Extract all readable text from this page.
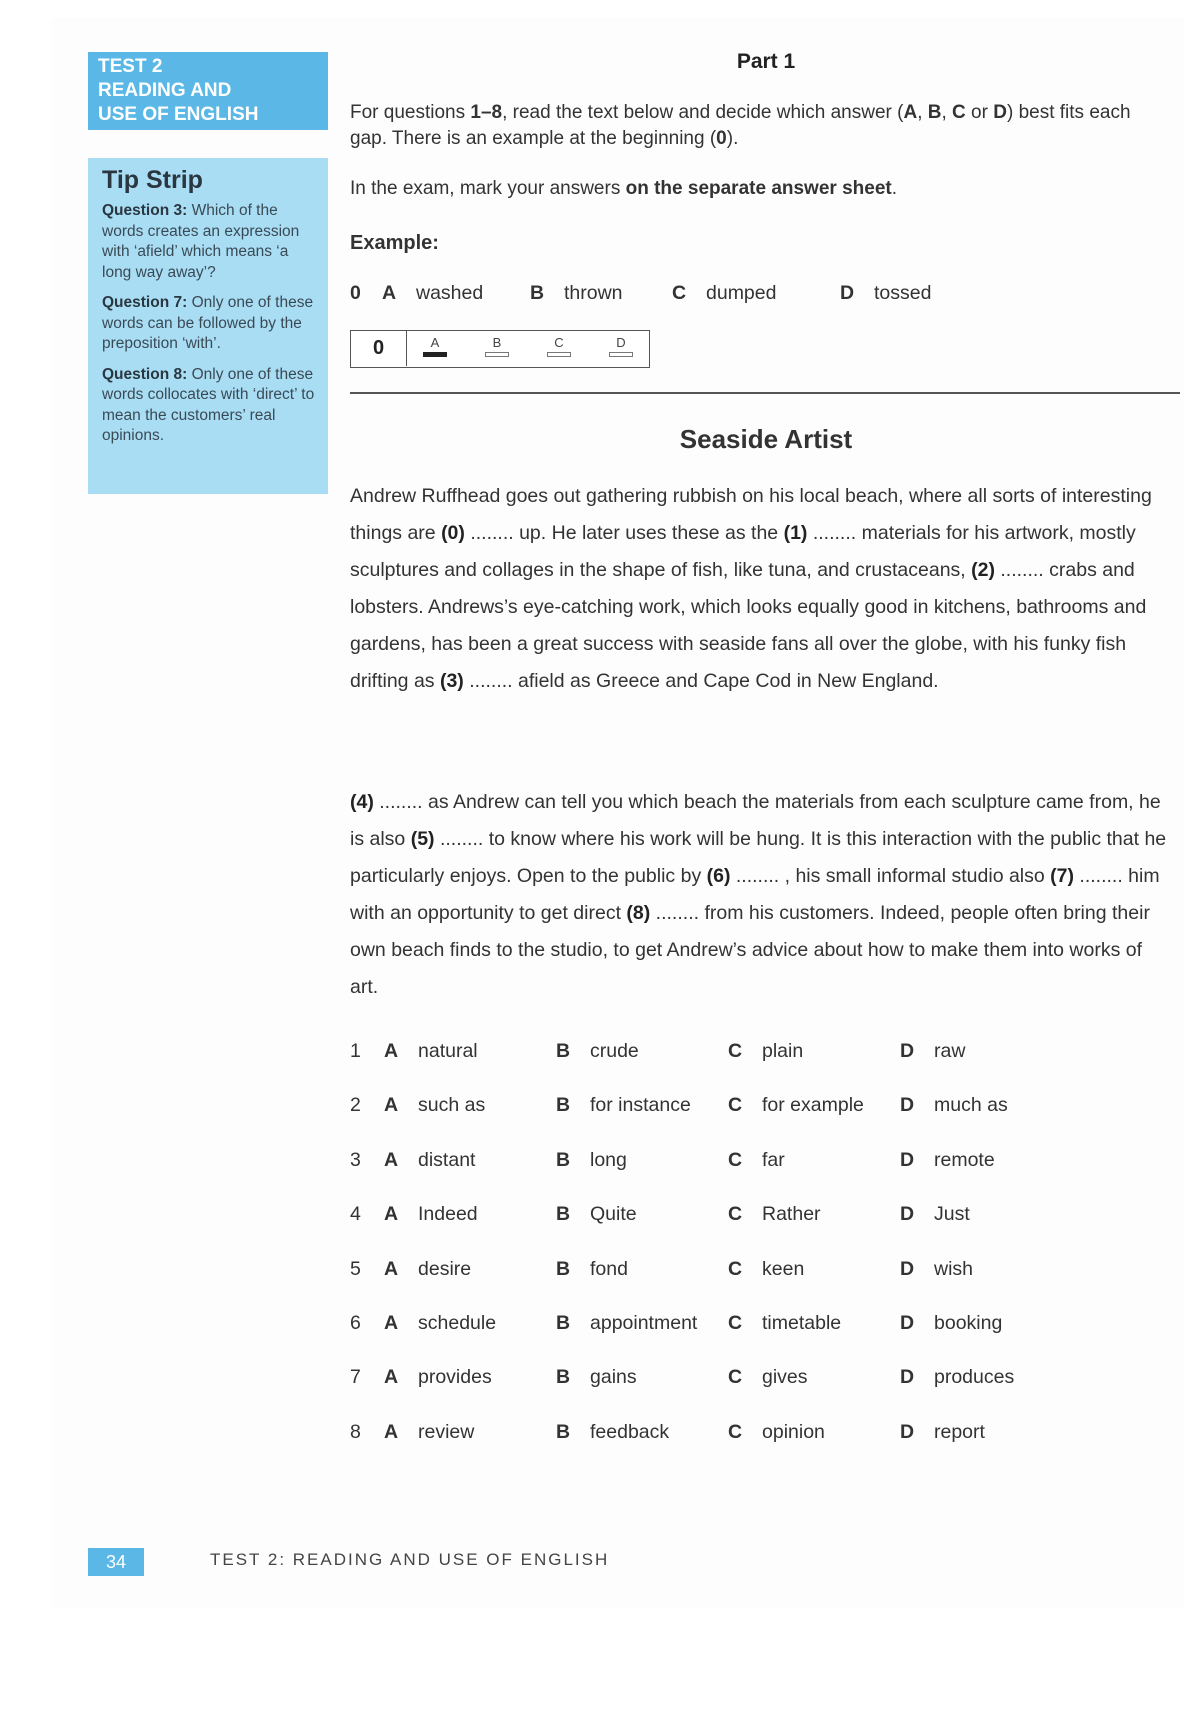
TEST 2
READING AND
USE OF ENGLISH
Tip Strip
Question 3: Which of the words creates an expression with ‘afield’ which means ‘a long way away’?
Question 7: Only one of these words can be followed by the preposition ‘with’.
Question 8: Only one of these words collocates with ‘direct’ to mean the customers’ real opinions.
Part 1
For questions 1–8, read the text below and decide which answer (A, B, C or D) best fits each gap. There is an example at the beginning (0).
In the exam, mark your answers on the separate answer sheet.
Example:
0 A washed B thrown	C dumped	D tossed
0	A	B	C	D
Seaside Artist
Andrew Ruffhead goes out gathering rubbish on his local beach, where all sorts of interesting things are (0) ........ up. He later uses these as the (1) ........ materials for his artwork, mostly sculptures and collages in the shape of fish, like tuna, and crustaceans, (2) ........ crabs and lobsters. Andrews’s eye-catching work, which looks equally good in kitchens, bathrooms and gardens, has been a great success with seaside fans all over the globe, with his funky fish drifting as (3) ........ afield as Greece and Cape Cod in New England.
(4) ........ as Andrew can tell you which beach the materials from each sculpture came from, he is also (5) ........ to know where his work will be hung. It is this interaction with the public that he particularly enjoys. Open to the public by (6) ........ , his small informal studio also (7) ........ him with an opportunity to get direct (8) ........ from his customers. Indeed, people often bring their own beach finds to the studio, to get Andrew’s advice about how to make them into works of art.
1 A natural	B crude	C plain	D raw
2 A such as	B for instance C for example D much as
3 A distant	B long	C far	D remote
4 A Indeed	B Quite	C Rather	D Just
5 A desire	B fond	C keen	D wish
6 A schedule	B appointment C timetable	D booking
7 A provides	B gains	C gives	D produces
8 A review	B feedback	C opinion	D report
34	TEST 2: READING AND USE OF ENGLISH
